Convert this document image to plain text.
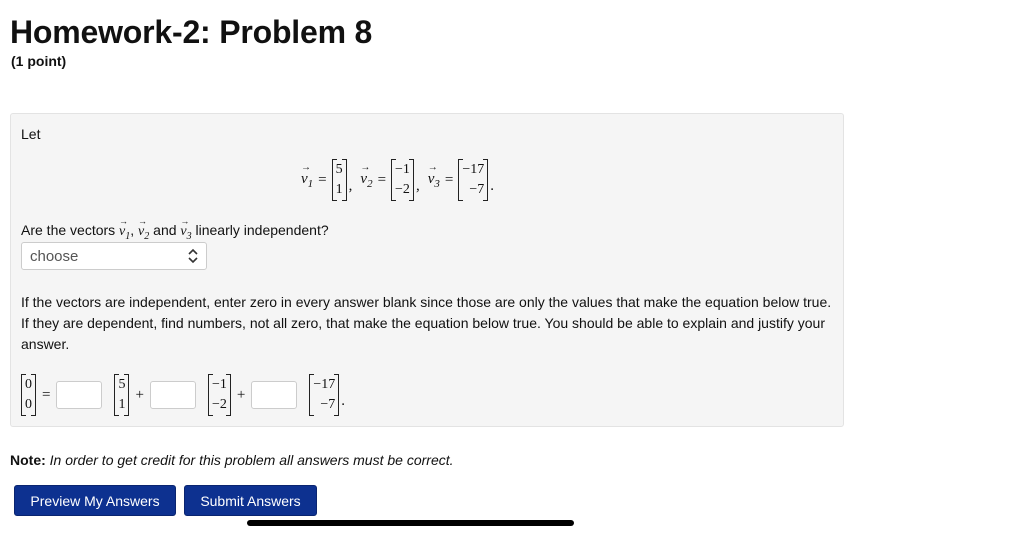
Homework-2: Problem 8
(1 point)
Let
→
$v_1$ =
5
1 ,
→
$v_2$ =
−1
−2 ,
→
$v_3$ =
−17
−7 .
Are the vectors
→
$v_1$,
→
$v_2$ and
→
$v_3$ linearly independent?
choose
If the vectors are independent, enter zero in every answer blank since those are only the values that make the equation below true. If they are dependent, find numbers, not all zero, that make the equation below true. You should be able to explain and justify your answer.
0
0
=
5
1
+
−1
−2
+
−17
−7 .
Note: In order to get credit for this problem all answers must be correct.
Preview My Answers	Submit Answers
